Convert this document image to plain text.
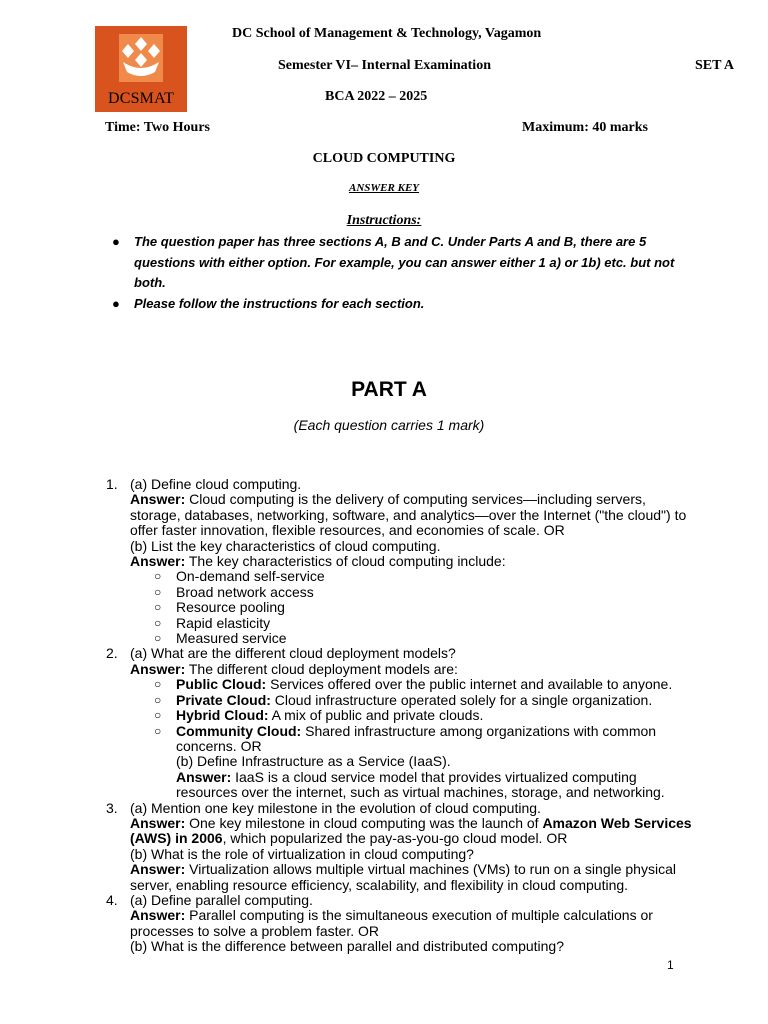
DCSMAT
DC School of Management & Technology, Vagamon
Semester VI– Internal Examination	SET A
BCA 2022 – 2025
Time: Two Hours	Maximum: 40 marks
CLOUD COMPUTING
ANSWER KEY
Instructions:
● The question paper has three sections A, B and C. Under Parts A and B, there are 5 questions with either option. For example, you can answer either 1 a) or 1b) etc. but not both.
● Please follow the instructions for each section.
PART A
(Each question carries 1 mark)
1. (a) Define cloud computing.

Answer: Cloud computing is the delivery of computing services—including servers, storage, databases, networking, software, and analytics—over the Internet ("the cloud") to offer faster innovation, flexible resources, and economies of scale. OR

(b) List the key characteristics of cloud computing.

Answer: The key characteristics of cloud computing include:

○ On-demand self-service
○ Broad network access
○ Resource pooling
○ Rapid elasticity
○ Measured service
2. (a) What are the different cloud deployment models?

Answer: The different cloud deployment models are:

○ Public Cloud: Services offered over the public internet and available to anyone.
○ Private Cloud: Cloud infrastructure operated solely for a single organization.
○ Hybrid Cloud: A mix of public and private clouds.
○ Community Cloud: Shared infrastructure among organizations with common concerns. OR
(b) Define Infrastructure as a Service (IaaS).
Answer: IaaS is a cloud service model that provides virtualized computing resources over the internet, such as virtual machines, storage, and networking.
3. (a) Mention one key milestone in the evolution of cloud computing.

Answer: One key milestone in cloud computing was the launch of Amazon Web Services (AWS) in 2006, which popularized the pay-as-you-go cloud model. OR

(b) What is the role of virtualization in cloud computing?

Answer: Virtualization allows multiple virtual machines (VMs) to run on a single physical server, enabling resource efficiency, scalability, and flexibility in cloud computing.

4. (a) Define parallel computing.

Answer: Parallel computing is the simultaneous execution of multiple calculations or processes to solve a problem faster. OR

(b) What is the difference between parallel and distributed computing?

1
